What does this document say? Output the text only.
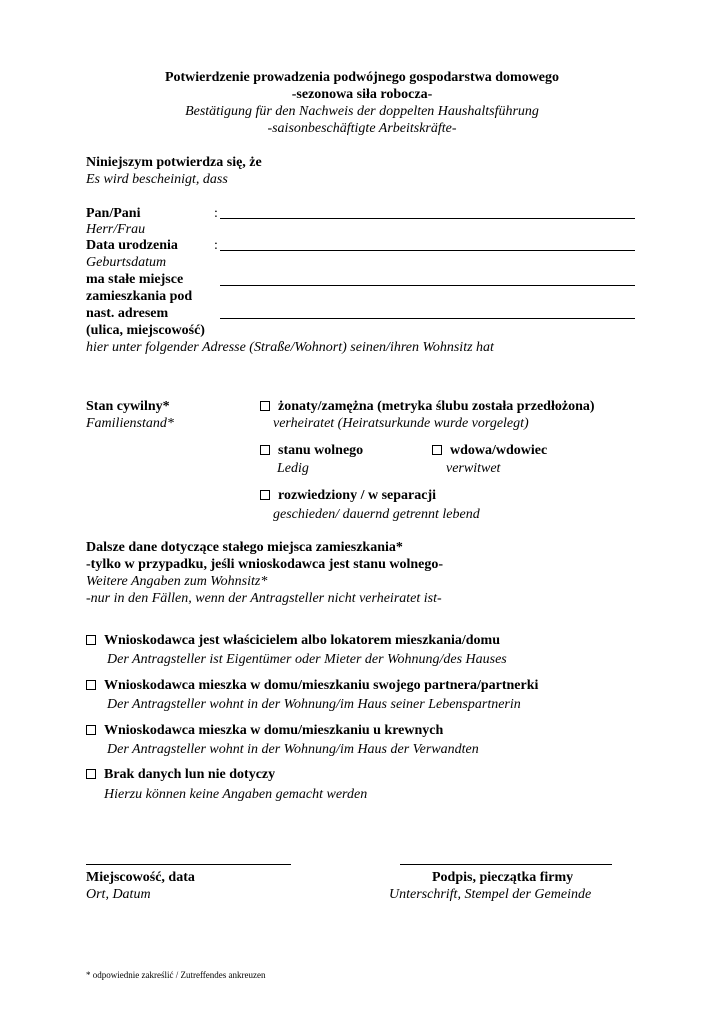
Potwierdzenie prowadzenia podwójnego gospodarstwa domowego
-sezonowa siła robocza-
Bestätigung für den Nachweis der doppelten Haushaltsführung
-saisonbeschäftigte Arbeitskräfte-
Niniejszym potwierdza się, że
Es wird bescheinigt, dass
Pan/Pani
Herr/Frau
:
Data urodzenia
Geburtsdatum
:
ma stałe miejsce
zamieszkania pod
nast. adresem
(ulica, miejscowość)
hier unter folgender Adresse (Straße/Wohnort) seinen/ihren Wohnsitz hat
Stan cywilny*
Familienstand*
żonaty/zamężna (metryka ślubu została przedłożona)
verheiratet (Heiratsurkunde wurde vorgelegt)
stanu wolnego
Ledig
wdowa/wdowiec
verwitwet
rozwiedziony / w separacji
geschieden/ dauernd getrennt lebend
Dalsze dane dotyczące stałego miejsca zamieszkania*
-tylko w przypadku, jeśli wnioskodawca jest stanu wolnego-
Weitere Angaben zum Wohnsitz*
-nur in den Fällen, wenn der Antragsteller nicht verheiratet ist-
Wnioskodawca jest właścicielem albo lokatorem mieszkania/domu
Der Antragsteller ist Eigentümer oder Mieter der Wohnung/des Hauses
Wnioskodawca mieszka w domu/mieszkaniu swojego partnera/partnerki
Der Antragsteller wohnt in der Wohnung/im Haus seiner Lebenspartnerin
Wnioskodawca mieszka w domu/mieszkaniu u krewnych
Der Antragsteller wohnt in der Wohnung/im Haus der Verwandten
Brak danych lun nie dotyczy
Hierzu können keine Angaben gemacht werden
Miejscowość, data
Ort, Datum
Podpis, pieczątka firmy
Unterschrift, Stempel der Gemeinde
* odpowiednie zakreślić / Zutreffendes ankreuzen
